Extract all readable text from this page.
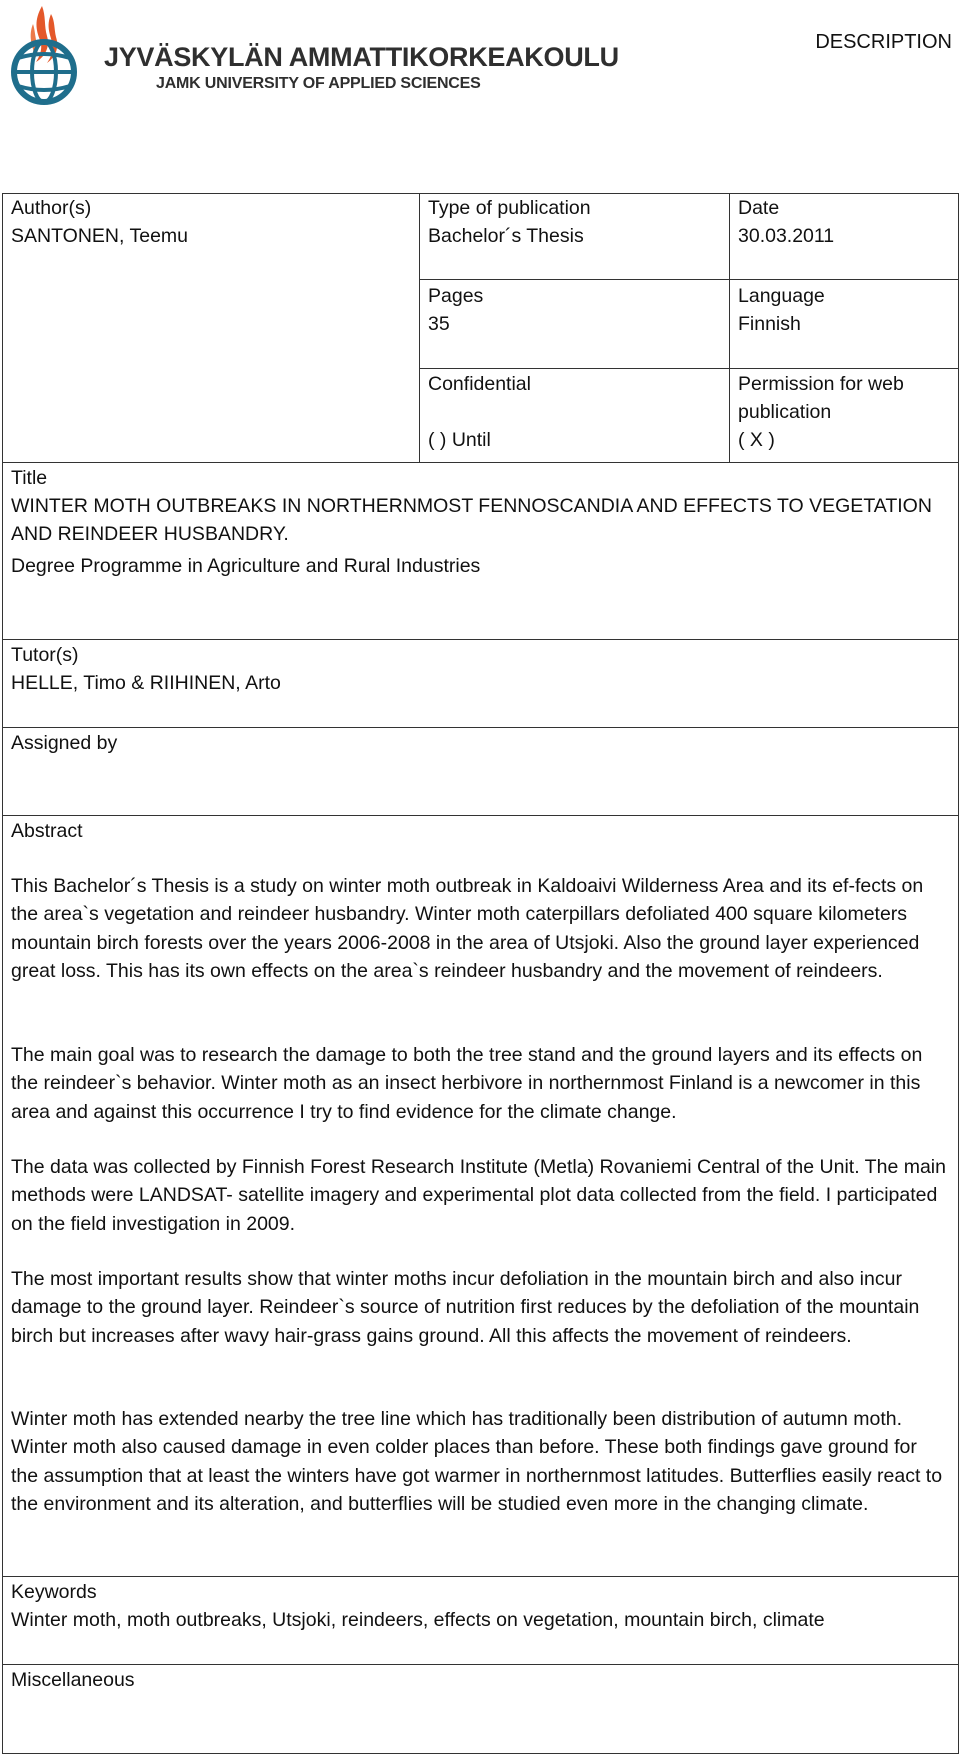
JYVÄSKYLÄN AMMATTIKORKEAKOULU
JAMK UNIVERSITY OF APPLIED SCIENCES
DESCRIPTION
Author(s)
SANTONEN, Teemu
Type of publication
Bachelor´s Thesis
Date
30.03.2011
Pages
35
Language
Finnish
Confidential
( ) Until
Permission for web
publication
( X )
Title
WINTER MOTH OUTBREAKS IN NORTHERNMOST FENNOSCANDIA AND EFFECTS TO VEGETATION
AND REINDEER HUSBANDRY.
Degree Programme in Agriculture and Rural Industries
Tutor(s)
HELLE, Timo & RIIHINEN, Arto
Assigned by
Abstract
This Bachelor´s Thesis is a study on winter moth outbreak in Kaldoaivi Wilderness Area and its ef-fects on the area`s vegetation and reindeer husbandry. Winter moth caterpillars defoliated 400 square kilometers mountain birch forests over the years 2006-2008 in the area of Utsjoki. Also the ground layer experienced great loss. This has its own effects on the area`s reindeer husbandry and the movement of reindeers.
The main goal was to research the damage to both the tree stand and the ground layers and its effects on the reindeer`s behavior. Winter moth as an insect herbivore in northernmost Finland is a newcomer in this area and against this occurrence I try to find evidence for the climate change.
The data was collected by Finnish Forest Research Institute (Metla) Rovaniemi Central of the Unit. The main methods were LANDSAT- satellite imagery and experimental plot data collected from the field. I participated on the field investigation in 2009.
The most important results show that winter moths incur defoliation in the mountain birch and also incur damage to the ground layer. Reindeer`s source of nutrition first reduces by the defoliation of the mountain birch but increases after wavy hair-grass gains ground. All this affects the movement of reindeers.
Winter moth has extended nearby the tree line which has traditionally been distribution of autumn moth. Winter moth also caused damage in even colder places than before. These both findings gave ground for the assumption that at least the winters have got warmer in northernmost latitudes. Butterflies easily react to the environment and its alteration, and butterflies will be studied even more in the changing climate.
Keywords
Winter moth, moth outbreaks, Utsjoki, reindeers, effects on vegetation, mountain birch, climate
Miscellaneous
